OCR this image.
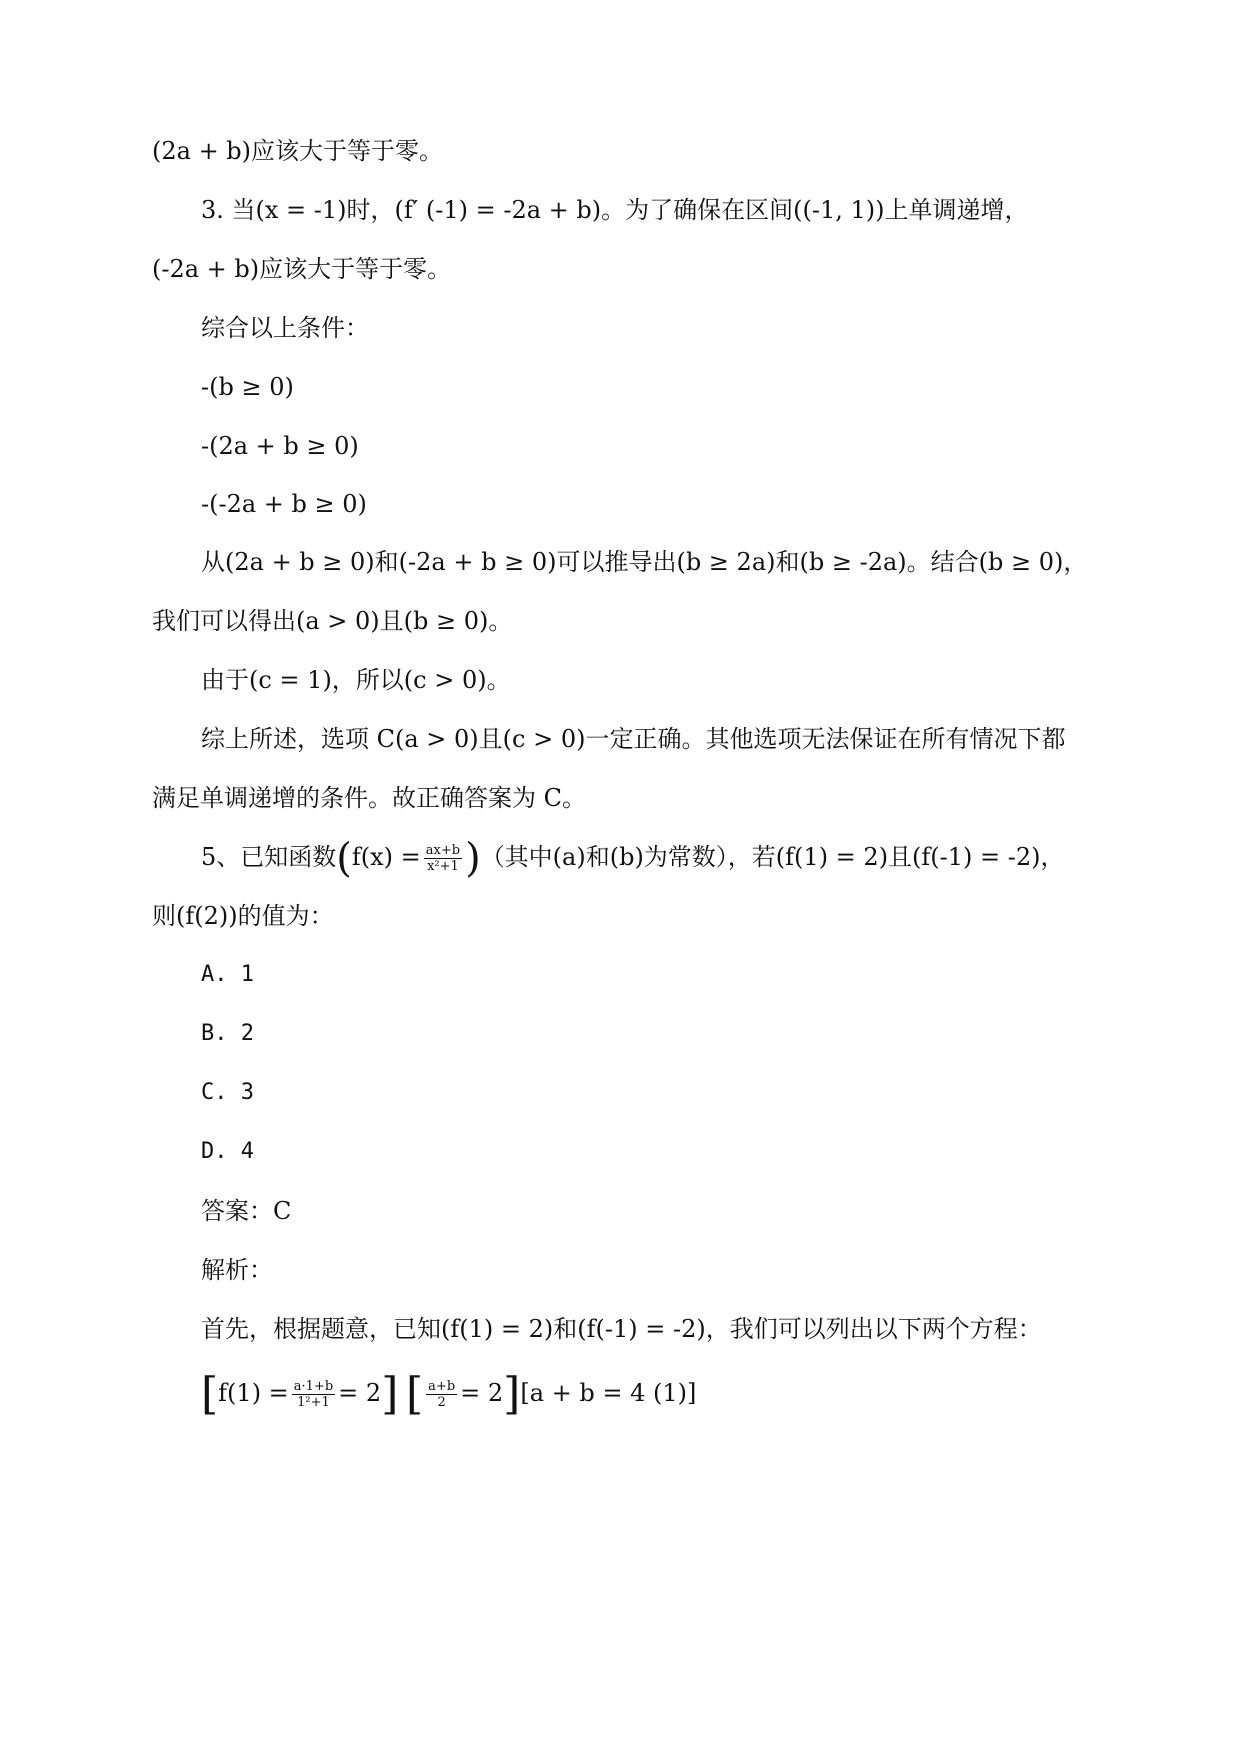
(2a + b)应该大于等于零。
3. 当(x = -1)时，(f′ (-1) = -2a + b)。为了确保在区间((-1, 1))上单调递增，
(-2a + b)应该大于等于零。
综合以上条件：
-(b ≥ 0)
-(2a + b ≥ 0)
-(-2a + b ≥ 0)
从(2a + b ≥ 0)和(-2a + b ≥ 0)可以推导出(b ≥ 2a)和(b ≥ -2a)。结合(b ≥ 0)，
我们可以得出(a > 0)且(b ≥ 0)。
由于(c = 1)，所以(c > 0)。
综上所述，选项 C(a > 0)且(c > 0)一定正确。其他选项无法保证在所有情况下都
满足单调递增的条件。故正确答案为 C。
5、已知函数($f(x) = \frac{ax+b}{\text{x²+1}}$ )（其中(a)和(b)为常数），若(f(1) = 2)且(f(-1) = -2)，
则(f(2))的值为：
A. 1
B. 2
C. 3
D. 4
答案：C
解析：
首先，根据题意，已知(f(1) = 2)和(f(-1) = -2)，我们可以列出以下两个方程：
$[f(1) = \frac{a\cdot 1+b}{\text{1²+1}} = 2]$ [ $\frac{a+b}{2} = 2][a + b = 4$ (1)]
